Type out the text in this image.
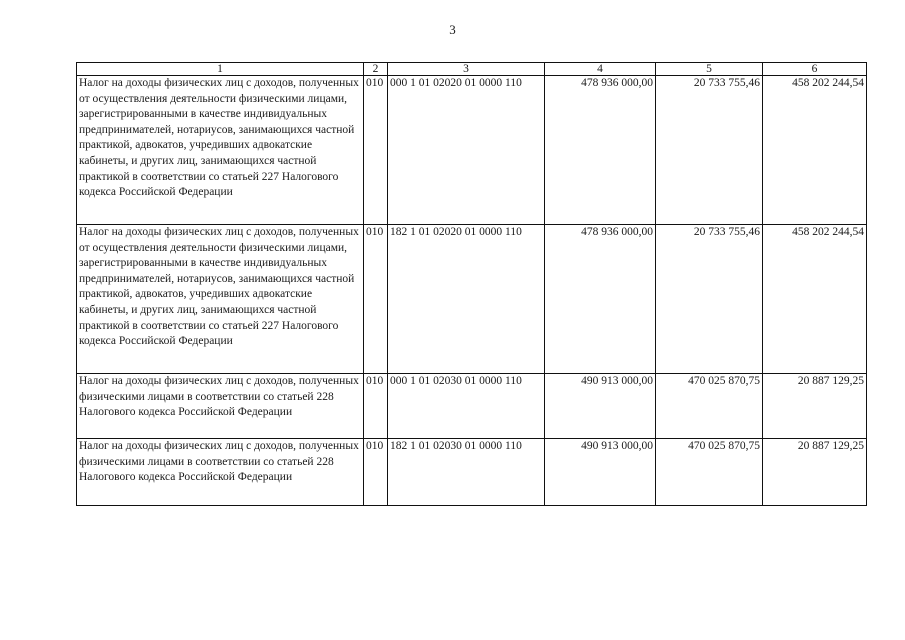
3
1	2	3	4	5	6
Налог на доходы физических лиц с доходов, полученных от осуществления деятельности физическими лицами, зарегистрированными в качестве индивидуальных предпринимателей, нотариусов, занимающихся частной практикой, адвокатов, учредивших адвокатские кабинеты, и других лиц, занимающихся частной практикой в соответствии со статьей 227 Налогового кодекса Российской Федерации	010	000 1 01 02020 01 0000 110	478 936 000,00	20 733 755,46	458 202 244,54
Налог на доходы физических лиц с доходов, полученных от осуществления деятельности физическими лицами, зарегистрированными в качестве индивидуальных предпринимателей, нотариусов, занимающихся частной практикой, адвокатов, учредивших адвокатские кабинеты, и других лиц, занимающихся частной практикой в соответствии со статьей 227 Налогового кодекса Российской Федерации	010	182 1 01 02020 01 0000 110	478 936 000,00	20 733 755,46	458 202 244,54
Налог на доходы физических лиц с доходов, полученных физическими лицами в соответствии со статьей 228 Налогового кодекса Российской Федерации	010	000 1 01 02030 01 0000 110	490 913 000,00	470 025 870,75	20 887 129,25
Налог на доходы физических лиц с доходов, полученных физическими лицами в соответствии со статьей 228 Налогового кодекса Российской Федерации	010	182 1 01 02030 01 0000 110	490 913 000,00	470 025 870,75	20 887 129,25
